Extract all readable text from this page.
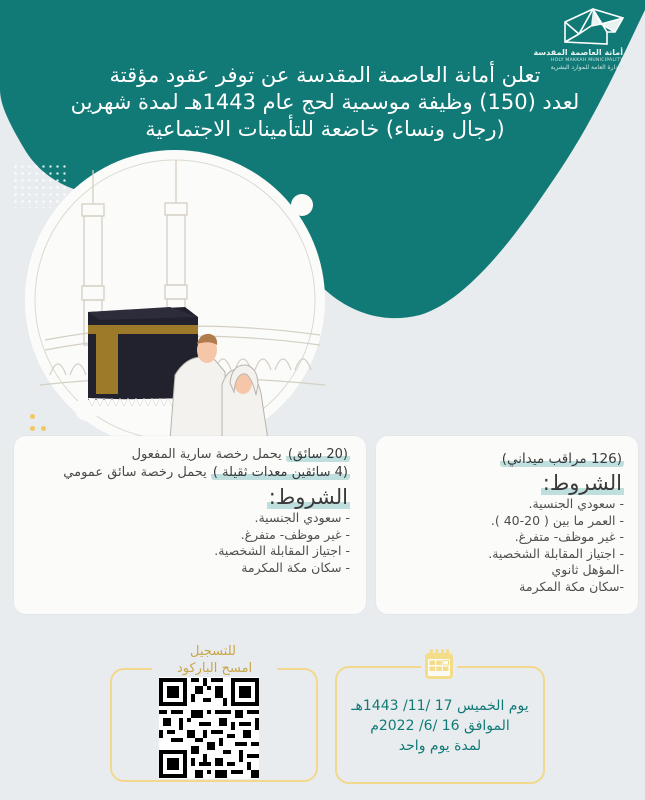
أمانة العاصمة المقدسة
HOLY MAKKAH MUNICIPALITY
الإدارة العامة للموارد البشرية
تعلن أمانة العاصمة المقدسة عن توفر عقود مؤقتة
لعدد (150) وظيفة موسمية لحج عام 1443هـ لمدة شهرين
(رجال ونساء) خاضعة للتأمينات الاجتماعية
(20 سائق) يحمل رخصة سارية المفعول
(4 سائقين معدات ثقيلة ) يحمل رخصة سائق عمومي
الشروط:
- سعودي الجنسية.
- غير موظف- متفرغ.
- اجتياز المقابلة الشخصية.
- سكان مكة المكرمة
(126 مراقب ميداني)
الشروط:
- سعودي الجنسية.
- العمر ما بين ( 20-40 ).
- غير موظف- متفرغ.
- اجتياز المقابلة الشخصية.
-المؤهل ثانوي
-سكان مكة المكرمة
للتسجيل
امسح الباركود
يوم الخميس 17 /11/ 1443هـ
الموافق 16 /6/ 2022م
لمدة يوم واحد
